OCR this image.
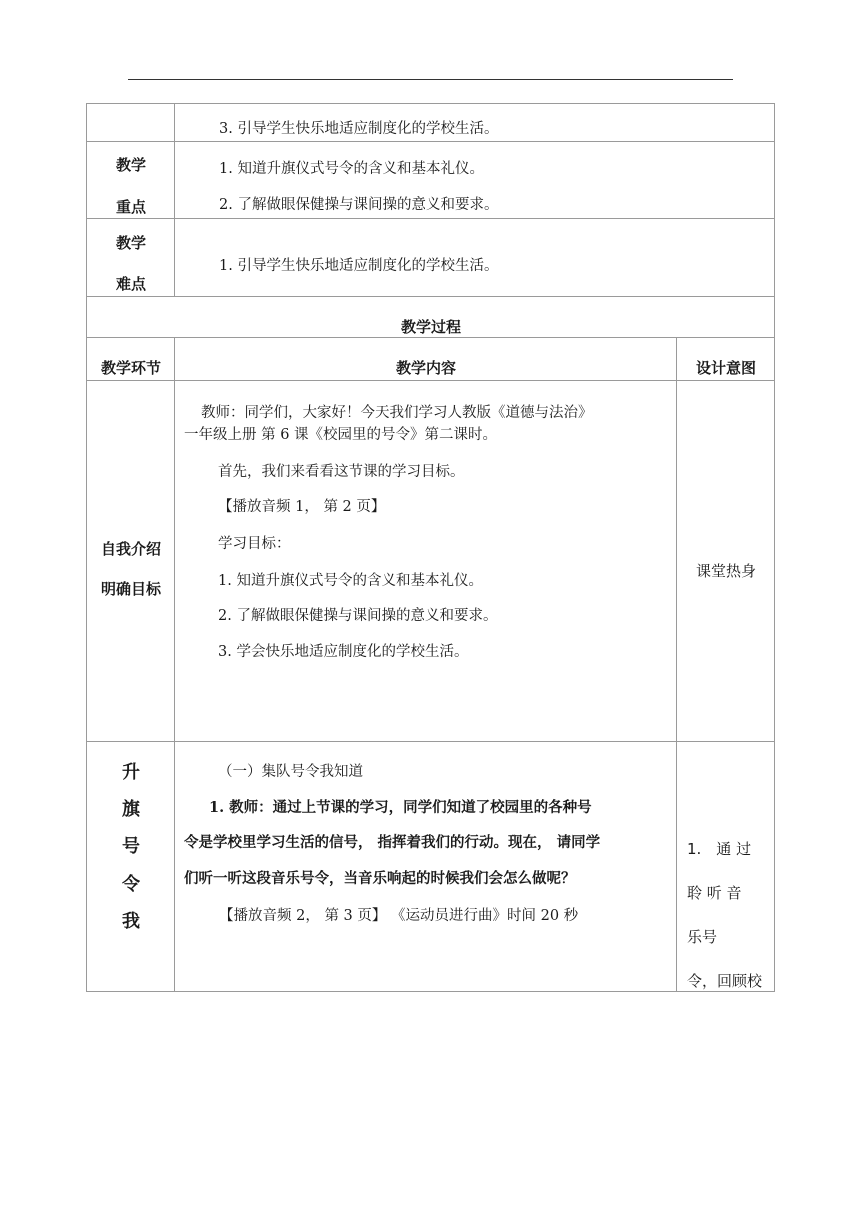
3. 引导学生快乐地适应制度化的学校生活。
教学
重点
1. 知道升旗仪式号令的含义和基本礼仪。
2. 了解做眼保健操与课间操的意义和要求。
教学
难点
1. 引导学生快乐地适应制度化的学校生活。
教学过程
教学环节	教学内容	设计意图
自我介绍
明确目标
教师：同学们，大家好！今天我们学习人教版《道德与法治》
一年级上册 第 6 课《校园里的号令》第二课时。
首先，我们来看看这节课的学习目标。
【播放音频 1， 第 2 页】
学习目标：
1. 知道升旗仪式号令的含义和基本礼仪。
2. 了解做眼保健操与课间操的意义和要求。
3. 学会快乐地适应制度化的学校生活。
课堂热身
升
旗
号
令
我
（一）集队号令我知道
1. 教师：通过上节课的学习，同学们知道了校园里的各种号
令是学校里学习生活的信号， 指挥着我们的行动。现在， 请同学
们听一听这段音乐号令，当音乐响起的时候我们会怎么做呢？
【播放音频 2， 第 3 页】 《运动员进行曲》时间 20 秒
1.　通 过
聆 听 音
乐号
令，回顾校
